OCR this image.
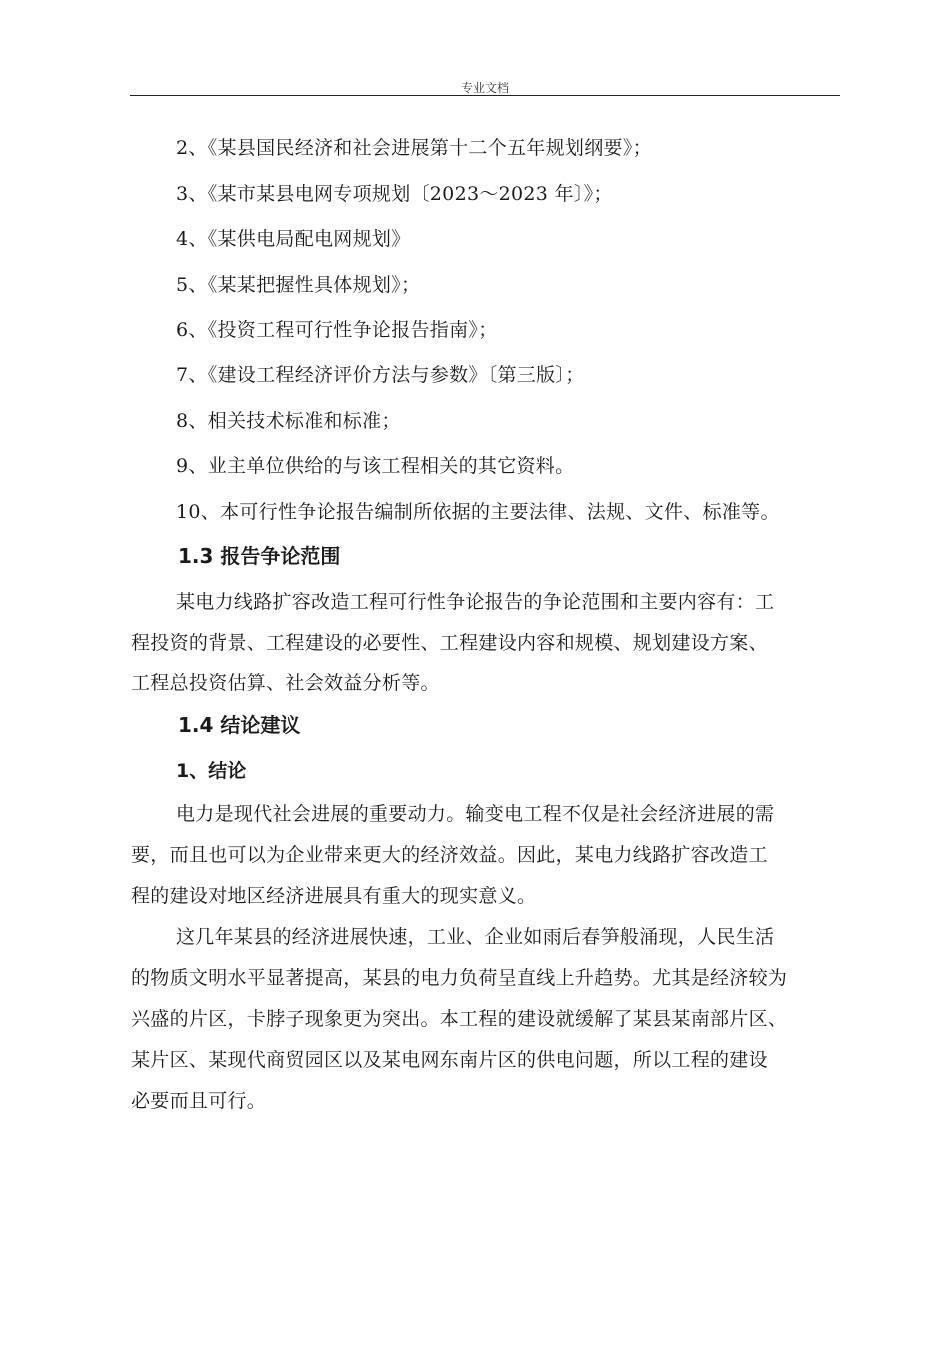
专业文档
2、《某县国民经济和社会进展第十二个五年规划纲要》；
3、《某市某县电网专项规划〔2023～2023 年〕》；
4、《某供电局配电网规划》
5、《某某把握性具体规划》；
6、《投资工程可行性争论报告指南》；
7、《建设工程经济评价方法与参数》〔第三版〕；
8、相关技术标准和标准；
9、业主单位供给的与该工程相关的其它资料。
10、本可行性争论报告编制所依据的主要法律、法规、文件、标准等。
1.3 报告争论范围
某电力线路扩容改造工程可行性争论报告的争论范围和主要内容有：工
程投资的背景、工程建设的必要性、工程建设内容和规模、规划建设方案、
工程总投资估算、社会效益分析等。
1.4 结论建议
1、结论
电力是现代社会进展的重要动力。输变电工程不仅是社会经济进展的需
要，而且也可以为企业带来更大的经济效益。因此，某电力线路扩容改造工
程的建设对地区经济进展具有重大的现实意义。
这几年某县的经济进展快速，工业、企业如雨后春笋般涌现，人民生活
的物质文明水平显著提高，某县的电力负荷呈直线上升趋势。尤其是经济较为
兴盛的片区，卡脖子现象更为突出。本工程的建设就缓解了某县某南部片区、
某片区、某现代商贸园区以及某电网东南片区的供电问题，所以工程的建设
必要而且可行。
